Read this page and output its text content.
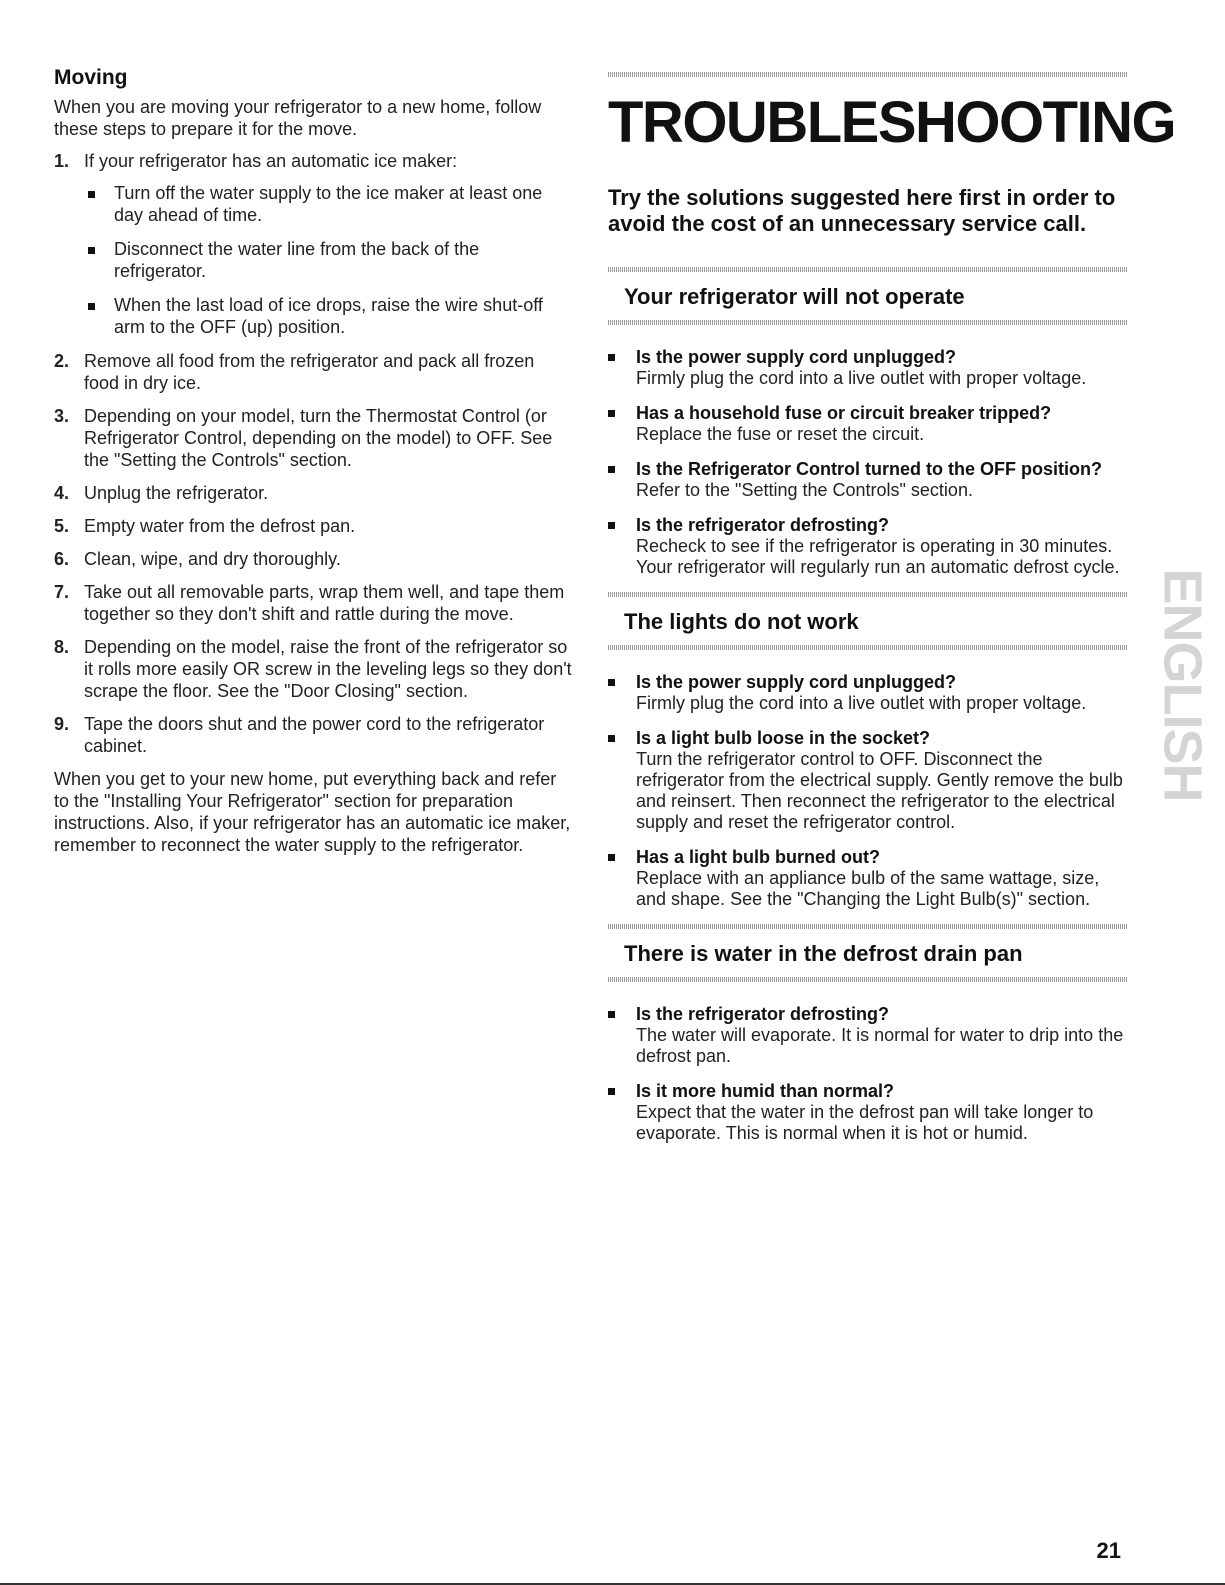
Moving

When you are moving your refrigerator to a new home, follow these steps to prepare it for the move.

1. If your refrigerator has an automatic ice maker:
Turn off the water supply to the ice maker at least one day ahead of time.
Disconnect the water line from the back of the refrigerator.
When the last load of ice drops, raise the wire shut-off arm to the OFF (up) position.
2. Remove all food from the refrigerator and pack all frozen food in dry ice.
3. Depending on your model, turn the Thermostat Control (or Refrigerator Control, depending on the model) to OFF. See the "Setting the Controls" section.
4. Unplug the refrigerator.
5. Empty water from the defrost pan.
6. Clean, wipe, and dry thoroughly.
7. Take out all removable parts, wrap them well, and tape them together so they don't shift and rattle during the move.
8. Depending on the model, raise the front of the refrigerator so it rolls more easily OR screw in the leveling legs so they don't scrape the floor. See the "Door Closing" section.
9. Tape the doors shut and the power cord to the refrigerator cabinet.

When you get to your new home, put everything back and refer to the "Installing Your Refrigerator" section for preparation instructions. Also, if your refrigerator has an automatic ice maker, remember to reconnect the water supply to the refrigerator.

TROUBLESHOOTING
Try the solutions suggested here first in order to avoid the cost of an unnecessary service call.
Your refrigerator will not operate
Is the power supply cord unplugged?
Firmly plug the cord into a live outlet with proper voltage.
Has a household fuse or circuit breaker tripped?
Replace the fuse or reset the circuit.
Is the Refrigerator Control turned to the OFF position?
Refer to the "Setting the Controls" section.
Is the refrigerator defrosting?
Recheck to see if the refrigerator is operating in 30 minutes. Your refrigerator will regularly run an automatic defrost cycle.
The lights do not work
Is the power supply cord unplugged?
Firmly plug the cord into a live outlet with proper voltage.
Is a light bulb loose in the socket?
Turn the refrigerator control to OFF. Disconnect the refrigerator from the electrical supply. Gently remove the bulb and reinsert. Then reconnect the refrigerator to the electrical supply and reset the refrigerator control.
Has a light bulb burned out?
Replace with an appliance bulb of the same wattage, size, and shape. See the "Changing the Light Bulb(s)" section.
There is water in the defrost drain pan
Is the refrigerator defrosting?
The water will evaporate. It is normal for water to drip into the defrost pan.
Is it more humid than normal?
Expect that the water in the defrost pan will take longer to evaporate. This is normal when it is hot or humid.
ENGLISH
21
